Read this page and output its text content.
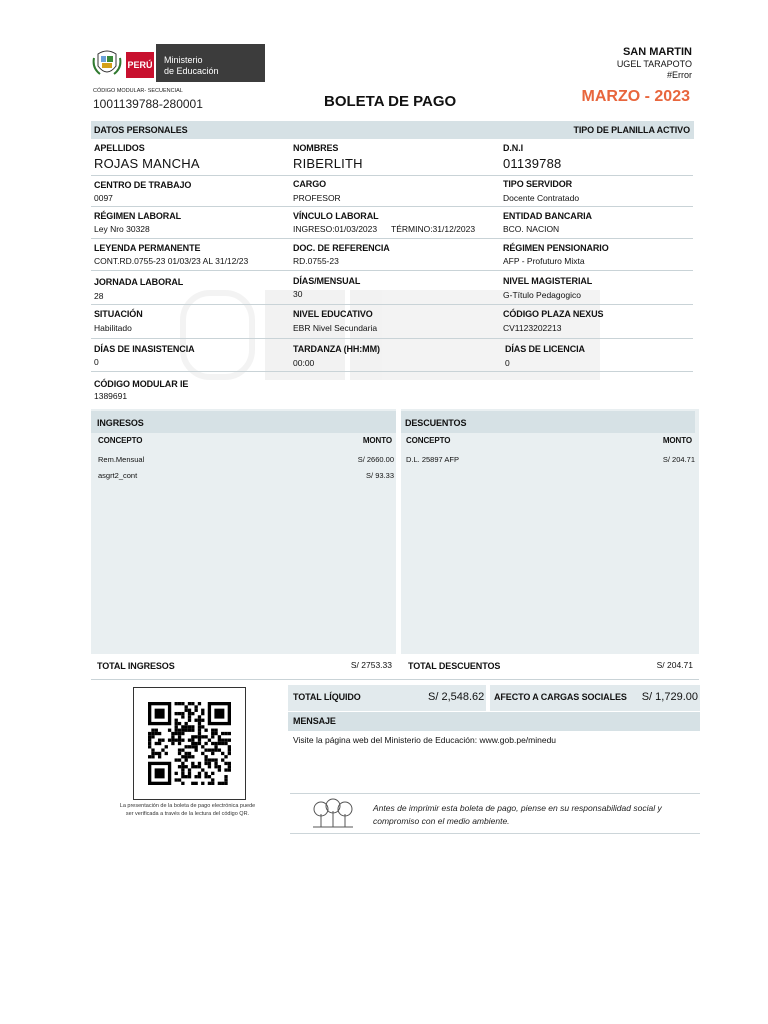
PERÚ Ministerio
de Educación
CÓDIGO MODULAR- SECUENCIAL
1001139788-280001	BOLETA DE PAGO
SAN MARTIN
UGEL TARAPOTO
#Error
MARZO - 2023
DATOS PERSONALES	TIPO DE PLANILLA ACTIVO
APELLIDOS
ROJAS MANCHA
NOMBRES
RIBERLITH
D.N.I
01139788
CENTRO DE TRABAJO
0097
CARGO
PROFESOR
TIPO SERVIDOR
Docente Contratado
RÉGIMEN LABORAL
Ley Nro 30328
VÍNCULO LABORAL
INGRESO:01/03/2023 TÉRMINO:31/12/2023
ENTIDAD BANCARIA
BCO. NACION
LEYENDA PERMANENTE
CONT.RD.0755-23 01/03/23 AL 31/12/23
DOC. DE REFERENCIA
RD.0755-23
RÉGIMEN PENSIONARIO
AFP - Profuturo Mixta
JORNADA LABORAL
28
DÍAS/MENSUAL
30
NIVEL MAGISTERIAL
G-Título Pedagogico
SITUACIÓN
Habilitado
NIVEL EDUCATIVO
EBR Nivel Secundaria
CÓDIGO PLAZA NEXUS
CV1123202213
DÍAS DE INASISTENCIA
0
TARDANZA (HH:MM)
00:00
DÍAS DE LICENCIA
0
CÓDIGO MODULAR IE
1389691
INGRESOS	DESCUENTOS
CONCEPTO	MONTO CONCEPTO	MONTO
Rem.Mensual	S/ 2660.00
asgrt2_cont	S/ 93.33
D.L. 25897 AFP	S/ 204.71
TOTAL INGRESOS	S/ 2753.33 TOTAL DESCUENTOS	S/ 204.71
TOTAL LÍQUIDO	S/ 2,548.62 AFECTO A CARGAS SOCIALES S/ 1,729.00
MENSAJE
Visite la página web del Ministerio de Educación: www.gob.pe/minedu
La presentación de la boleta de pago electrónica puede ser verificada a través de la lectura del código QR.
Antes de imprimir esta boleta de pago, piense en su responsabilidad social y compromiso con el medio ambiente.
